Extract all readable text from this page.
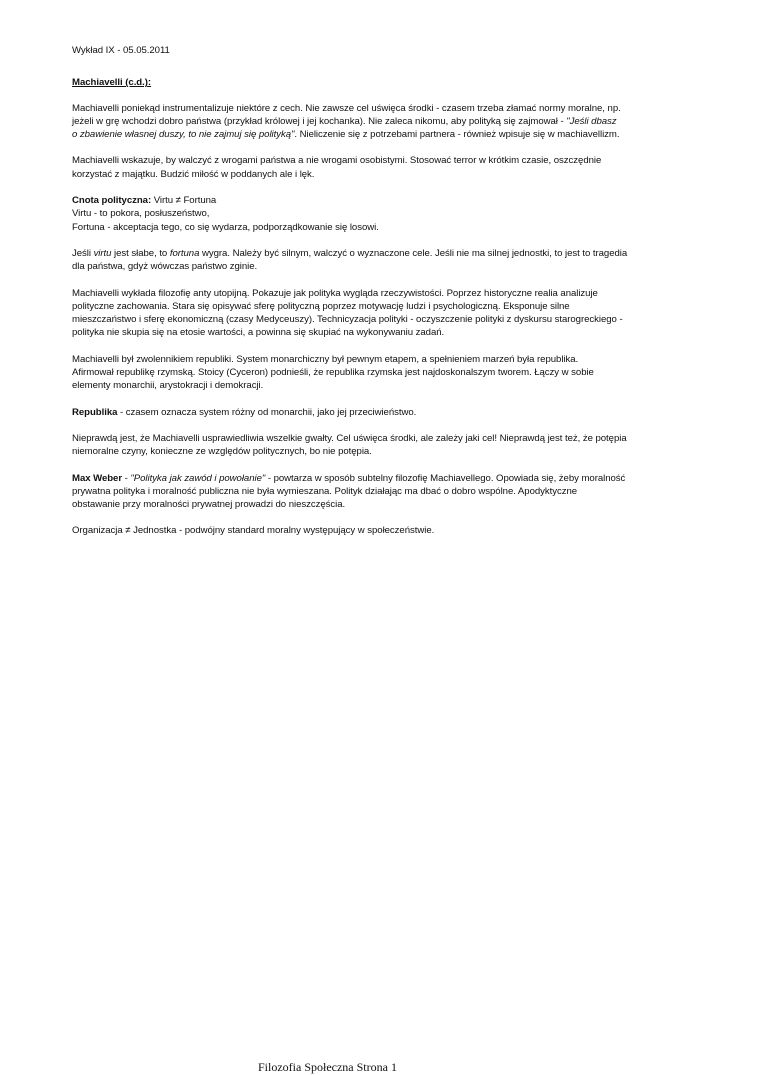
Wykład IX - 05.05.2011
Machiavelli (c.d.):
Machiavelli poniekąd instrumentalizuje niektóre z cech. Nie zawsze cel uświęca środki - czasem trzeba złamać normy moralne, np.
jeżeli w grę wchodzi dobro państwa (przykład królowej i jej kochanka). Nie zaleca nikomu, aby polityką się zajmował - "Jeśli dbasz
o zbawienie własnej duszy, to nie zajmuj się polityką". Nieliczenie się z potrzebami partnera - również wpisuje się w machiavellizm.
Machiavelli wskazuje, by walczyć z wrogami państwa a nie wrogami osobistymi. Stosować terror w krótkim czasie, oszczędnie
korzystać z majątku. Budzić miłość w poddanych ale i lęk.
Cnota polityczna: Virtu ≠ Fortuna
Virtu - to pokora, posłuszeństwo,
Fortuna - akceptacja tego, co się wydarza, podporządkowanie się losowi.
Jeśli virtu jest słabe, to fortuna wygra. Należy być silnym, walczyć o wyznaczone cele. Jeśli nie ma silnej jednostki, to jest to tragedia
dla państwa, gdyż wówczas państwo zginie.
Machiavelli wykłada filozofię anty utopijną. Pokazuje jak polityka wygląda rzeczywistości. Poprzez historyczne realia analizuje
polityczne zachowania. Stara się opisywać sferę polityczną poprzez motywację ludzi i psychologiczną. Eksponuje silne
mieszczaństwo i sferę ekonomiczną (czasy Medyceuszy). Technicyzacja polityki - oczyszczenie polityki z dyskursu starogreckiego -
polityka nie skupia się na etosie wartości, a powinna się skupiać na wykonywaniu zadań.
Machiavelli był zwolennikiem republiki. System monarchiczny był pewnym etapem, a spełnieniem marzeń była republika.
Afirmował republikę rzymską. Stoicy (Cyceron) podnieśli, że republika rzymska jest najdoskonalszym tworem. Łączy w sobie
elementy monarchii, arystokracji i demokracji.
Republika - czasem oznacza system różny od monarchii, jako jej przeciwieństwo.
Nieprawdą jest, że Machiavelli usprawiedliwia wszelkie gwałty. Cel uświęca środki, ale zależy jaki cel! Nieprawdą jest też, że potępia
niemoralne czyny, konieczne ze względów politycznych, bo nie potępia.
Max Weber - "Polityka jak zawód i powołanie" - powtarza w sposób subtelny filozofię Machiavellego. Opowiada się, żeby moralność
prywatna polityka i moralność publiczna nie była wymieszana. Polityk działając ma dbać o dobro wspólne. Apodyktyczne
obstawanie przy moralności prywatnej prowadzi do nieszczęścia.
Organizacja ≠ Jednostka - podwójny standard moralny występujący w społeczeństwie.
Filozofia Społeczna Strona 1
